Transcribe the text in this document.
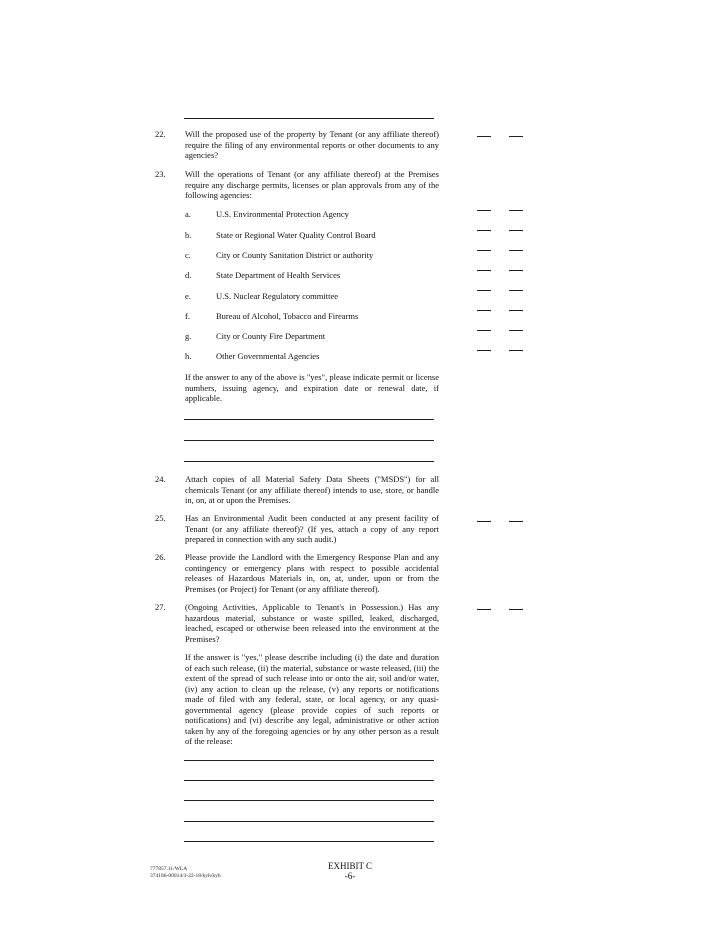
22.	Will the proposed use of the property by Tenant (or any affiliate thereof) require the filing of any environmental reports or other documents to any agencies?
23.	Will the operations of Tenant (or any affiliate thereof) at the Premises require any discharge permits, licenses or plan approvals from any of the following agencies:
a.	U.S. Environmental Protection Agency
b.	State or Regional Water Quality Control Board
c.	City or County Sanitation District or authority
d.	State Department of Health Services
e.	U.S. Nuclear Regulatory committee
f.	Bureau of Alcohol, Tobacco and Firearms
g.	City or County Fire Department
h.	Other Governmental Agencies
If the answer to any of the above is "yes", please indicate permit or license numbers, issuing agency, and expiration date or renewal date, if applicable.
24.	Attach copies of all Material Safety Data Sheets ("MSDS") for all chemicals Tenant (or any affiliate thereof) intends to use, store, or handle in, on, at or upon the Premises.
25.	Has an Environmental Audit been conducted at any present facility of Tenant (or any affiliate thereof)? (If yes, attach a copy of any report prepared in connection with any such audit.)
26.	Please provide the Landlord with the Emergency Response Plan and any contingency or emergency plans with respect to possible accidental releases of Hazardous Materials in, on, at, under, upon or from the Premises (or Project) for Tenant (or any affiliate thereof).
27.	(Ongoing Activities, Applicable to Tenant's in Possession.) Has any hazardous material, substance or waste spilled, leaked, discharged, leached, escaped or otherwise been released into the environment at the Premises?
If the answer is "yes," please describe including (i) the date and duration of each such release, (ii) the material, substance or waste released, (iii) the extent of the spread of such release into or onto the air, soil and/or water, (iv) any action to clean up the release, (v) any reports or notifications made of filed with any federal, state, or local agency, or any quasi-governmental agency (please provide copies of such reports or notifications) and (vi) describe any legal, administrative or other action taken by any of the foregoing agencies or by any other person as a result of the release:
777857.11/WLA
374186-00014/3-22-18/kyh/kyh
EXHIBIT C
-6-
